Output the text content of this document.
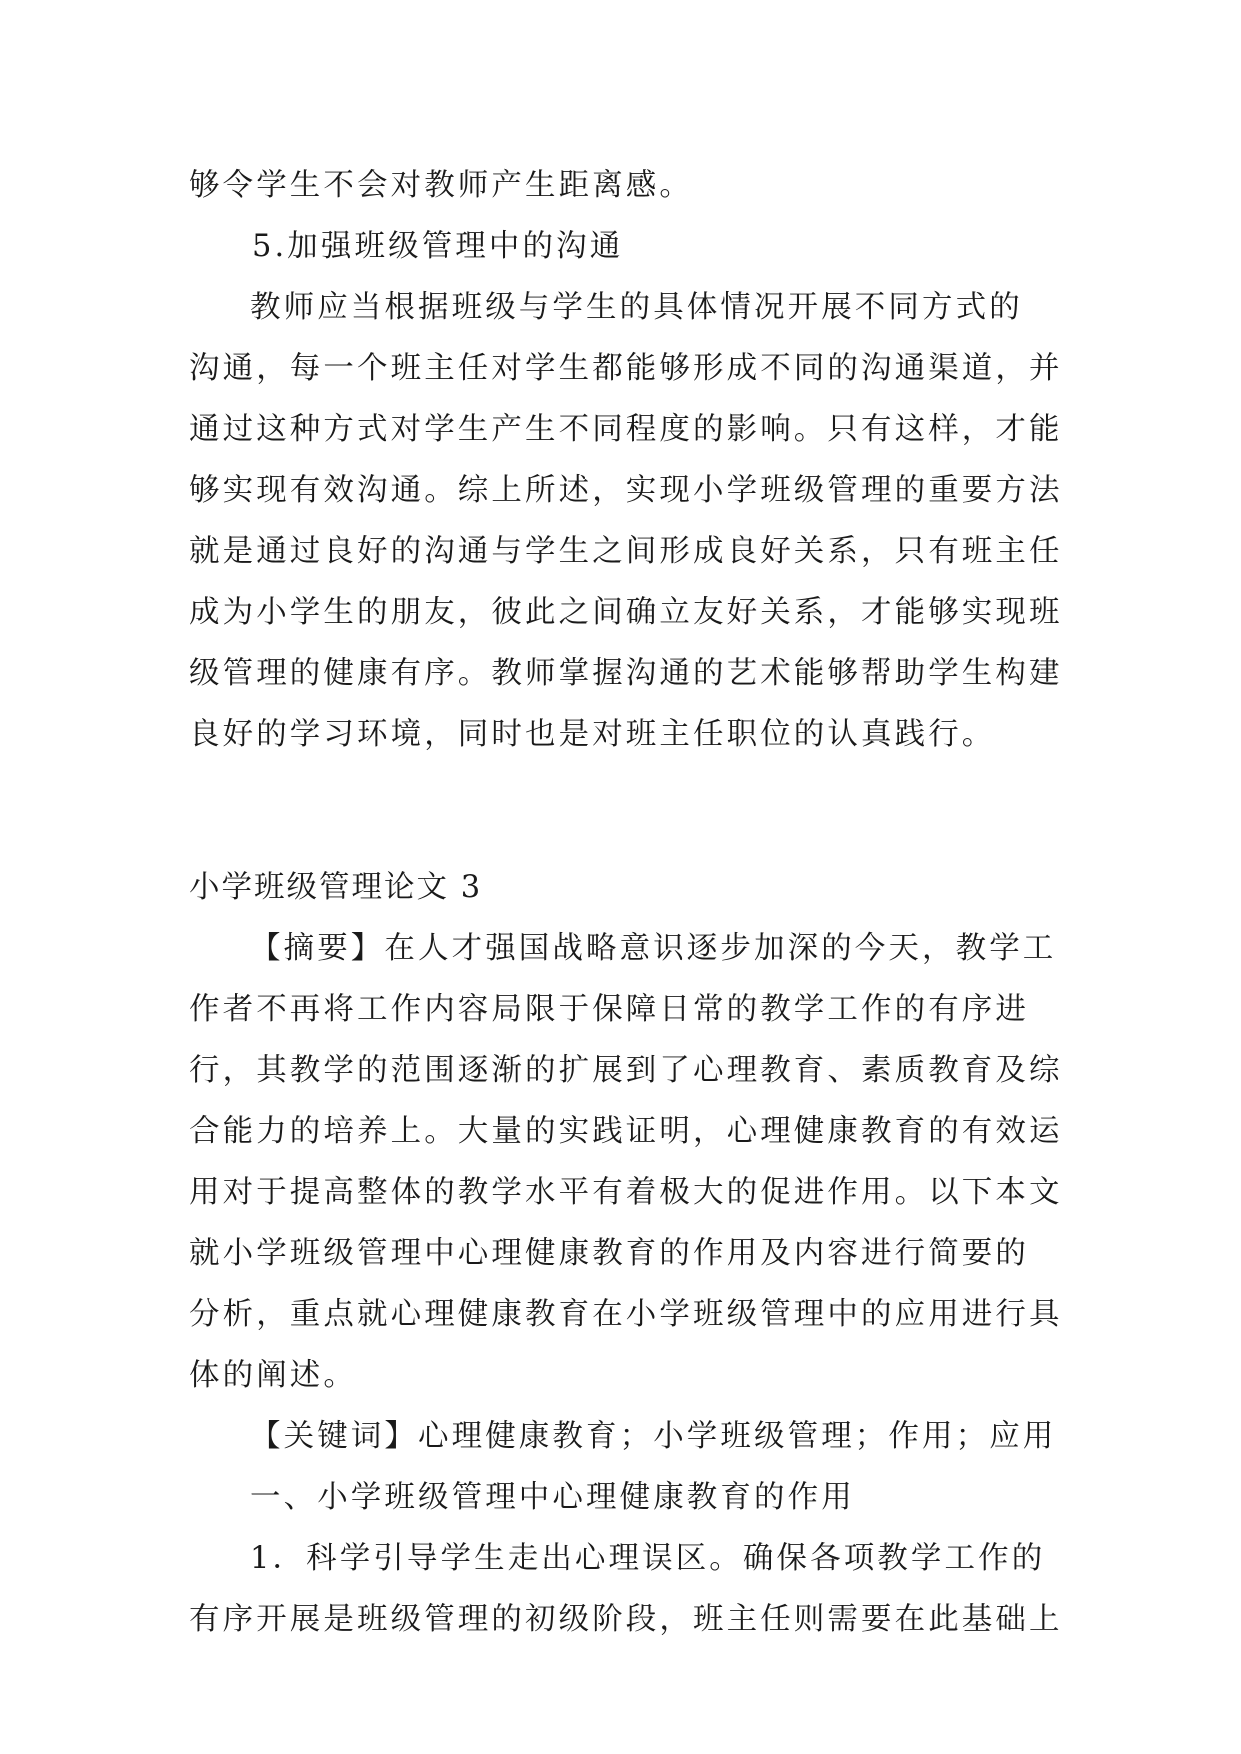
够令学生不会对教师产生距离感。
5.加强班级管理中的沟通
教师应当根据班级与学生的具体情况开展不同方式的
沟通，每一个班主任对学生都能够形成不同的沟通渠道，并
通过这种方式对学生产生不同程度的影响。只有这样，才能
够实现有效沟通。综上所述，实现小学班级管理的重要方法
就是通过良好的沟通与学生之间形成良好关系，只有班主任
成为小学生的朋友，彼此之间确立友好关系，才能够实现班
级管理的健康有序。教师掌握沟通的艺术能够帮助学生构建
良好的学习环境，同时也是对班主任职位的认真践行。
小学班级管理论文 3
【摘要】在人才强国战略意识逐步加深的今天，教学工
作者不再将工作内容局限于保障日常的教学工作的有序进
行，其教学的范围逐渐的扩展到了心理教育、素质教育及综
合能力的培养上。大量的实践证明，心理健康教育的有效运
用对于提高整体的教学水平有着极大的促进作用。以下本文
就小学班级管理中心理健康教育的作用及内容进行简要的
分析，重点就心理健康教育在小学班级管理中的应用进行具
体的阐述。
【关键词】心理健康教育；小学班级管理；作用；应用
一、小学班级管理中心理健康教育的作用
1．科学引导学生走出心理误区。确保各项教学工作的
有序开展是班级管理的初级阶段，班主任则需要在此基础上
